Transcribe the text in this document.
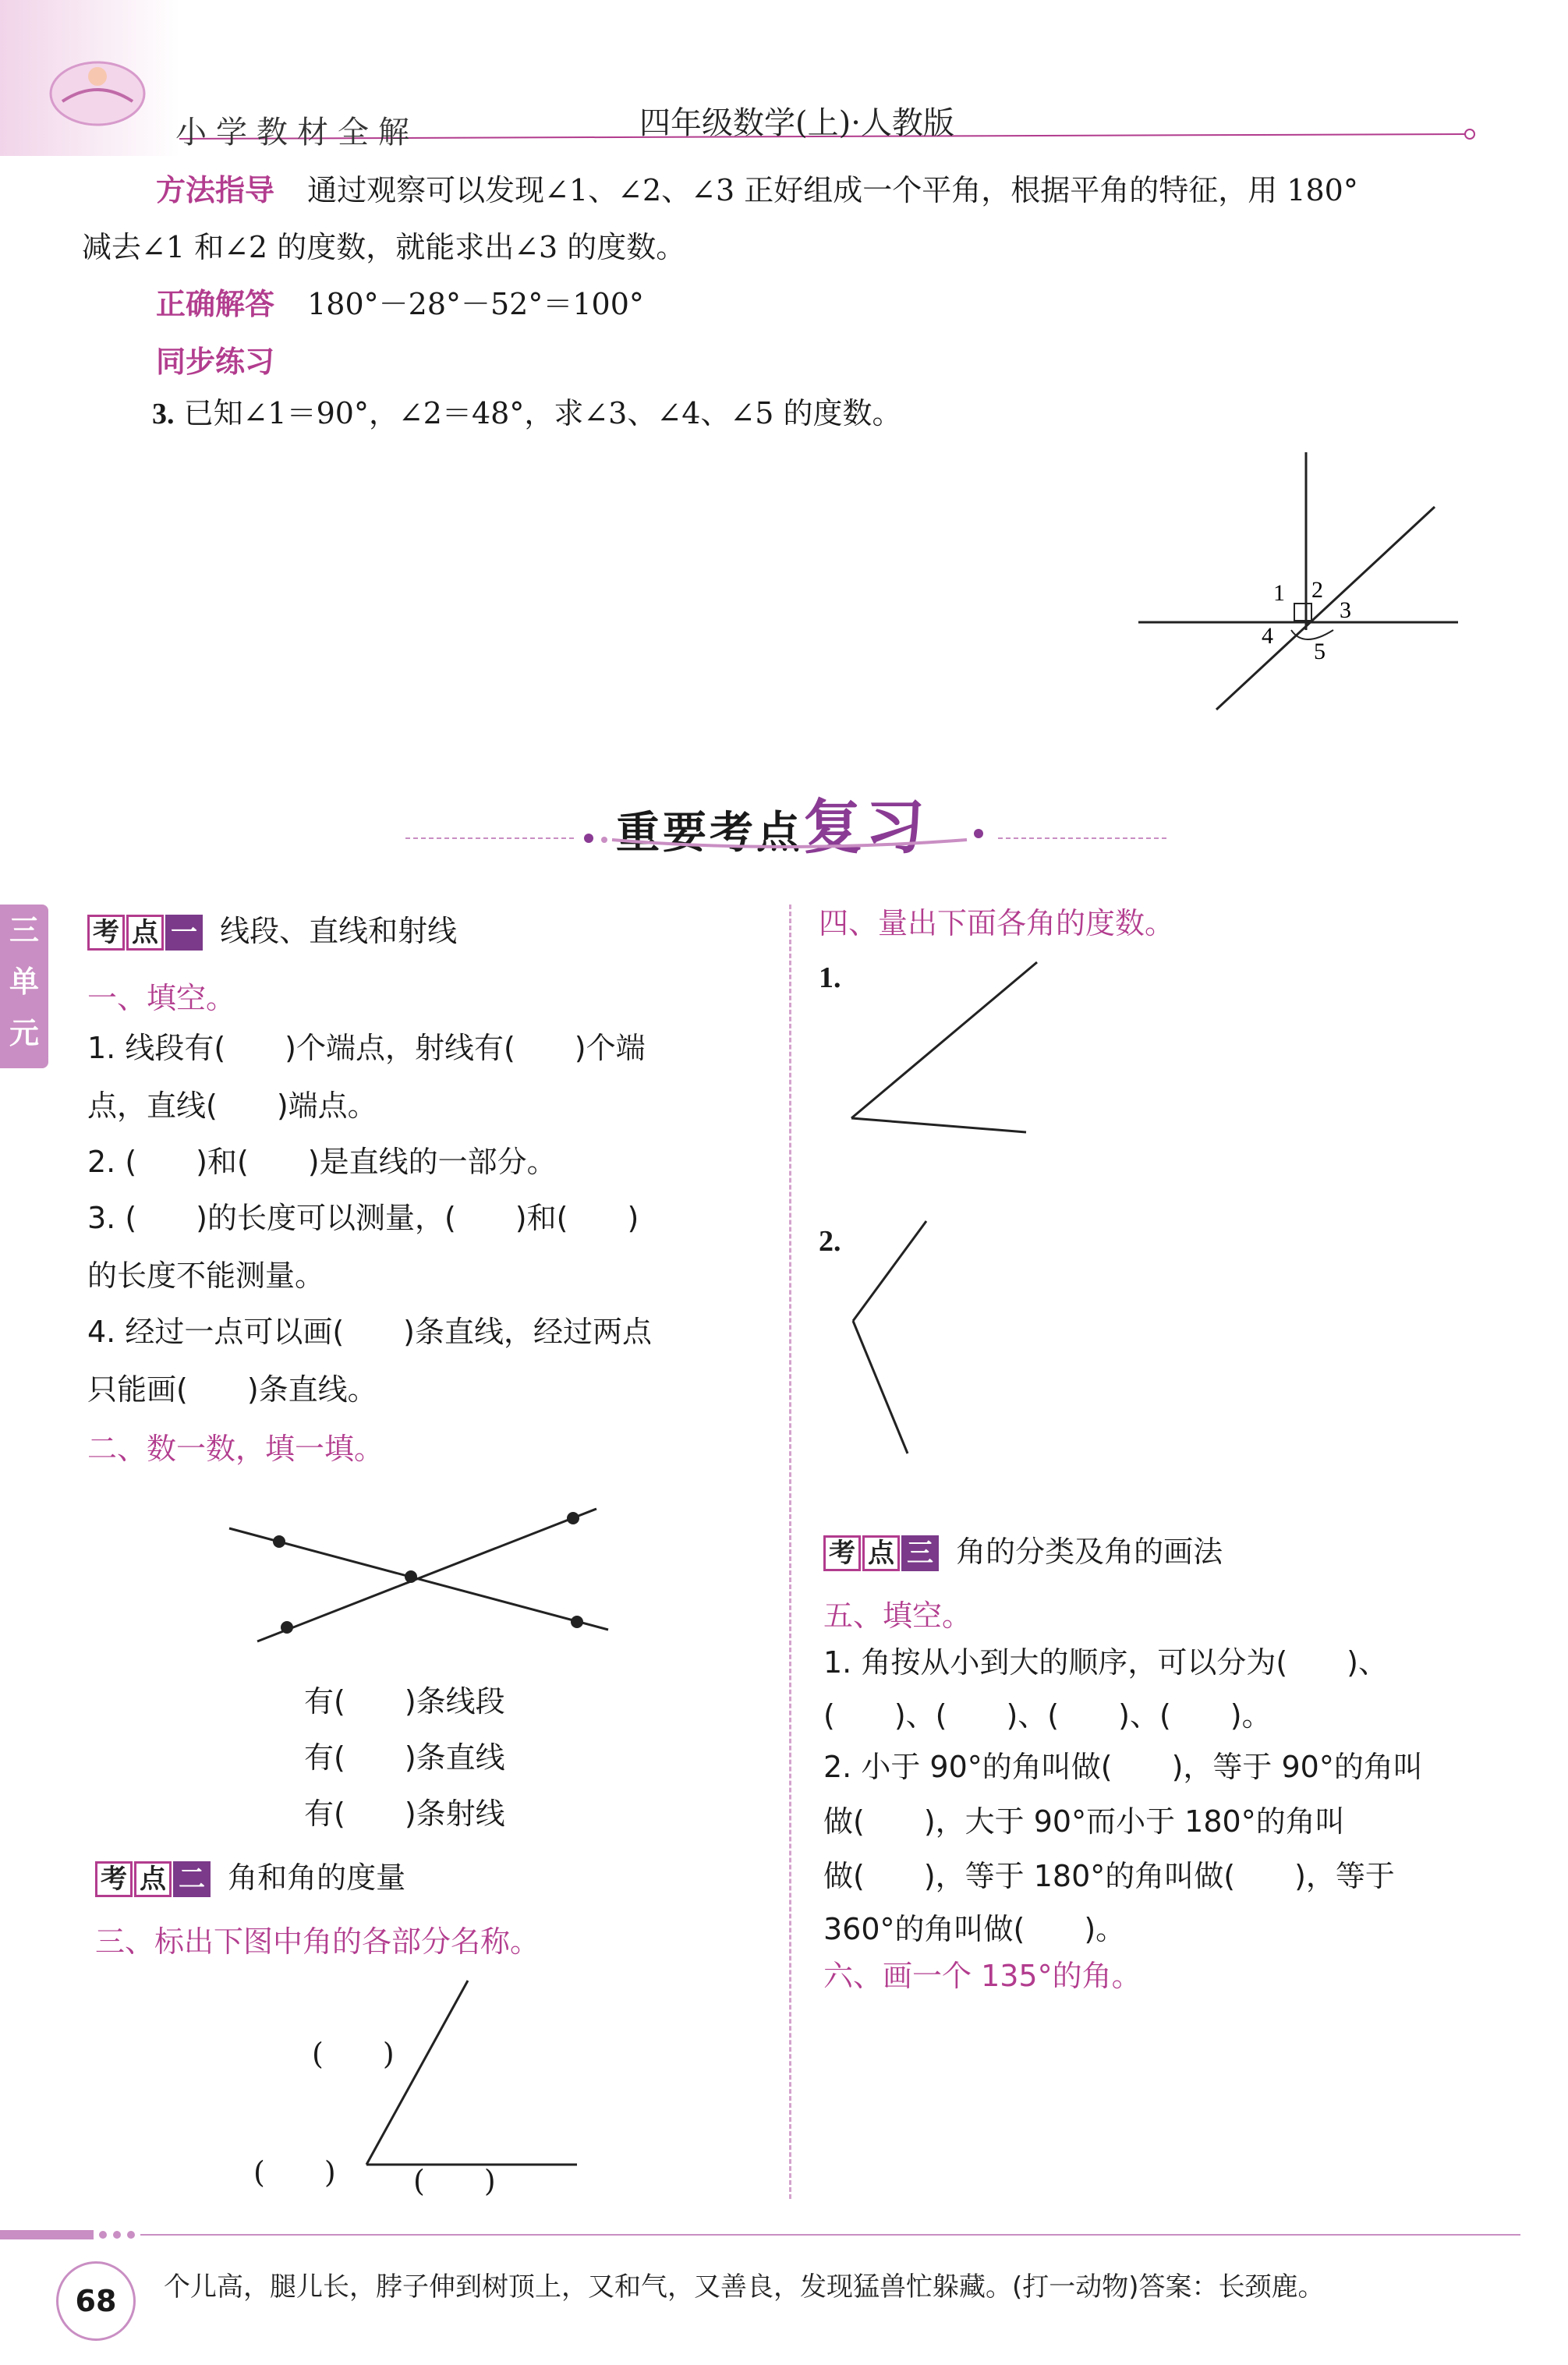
小学教材全解	四年级数学(上)·人教版
方法指导 通过观察可以发现∠1、∠2、∠3 正好组成一个平角，根据平角的特征，用 180°
减去∠1 和∠2 的度数，就能求出∠3 的度数。
正确解答 180°－28°－52°＝100°
同步练习
3. 已知∠1＝90°，∠2＝48°，求∠3、∠4、∠5 的度数。
1 2
3
4
5
重要考点复习
三
单
元
考 点 一 线段、直线和射线
一、填空。
1. 线段有(　　)个端点，射线有(　　)个端
点，直线(　　)端点。
2. (　　)和(　　)是直线的一部分。
3. (　　)的长度可以测量，(　　)和(　　)
的长度不能测量。
4. 经过一点可以画(　　)条直线，经过两点
只能画(　　)条直线。
二、数一数，填一填。
有(　　)条线段
有(　　)条直线
有(　　)条射线
考 点 二 角和角的度量
三、标出下图中角的各部分名称。
(　　)
(　　)	(　　)
四、量出下面各角的度数。
1.
2.
考 点 三 角的分类及角的画法
五、填空。
1. 角按从小到大的顺序，可以分为(　　)、
(　　)、(　　)、(　　)、(　　)。
2. 小于 90°的角叫做(　　)，等于 90°的角叫
做(　　)，大于 90°而小于 180°的角叫
做(　　)，等于 180°的角叫做(　　)，等于
360°的角叫做(　　)。
六、画一个 135°的角。
68	个儿高，腿儿长，脖子伸到树顶上，又和气，又善良，发现猛兽忙躲藏。(打一动物)答案：长颈鹿。
